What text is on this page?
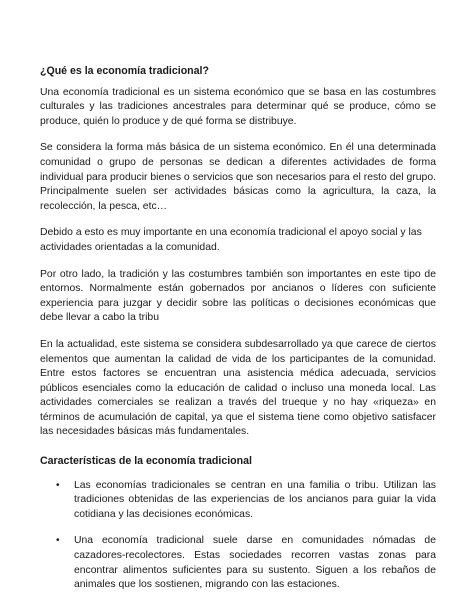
¿Qué es la economía tradicional?

Una economía tradicional es un sistema económico que se basa en las costumbres culturales y las tradiciones ancestrales para determinar qué se produce, cómo se produce, quién lo produce y de qué forma se distribuye.

Se considera la forma más básica de un sistema económico. En él una determinada comunidad o grupo de personas se dedican a diferentes actividades de forma individual para producir bienes o servicios que son necesarios para el resto del grupo. Principalmente suelen ser actividades básicas como la agricultura, la caza, la recolección, la pesca, etc…

Debido a esto es muy importante en una economía tradicional el apoyo social y las actividades orientadas a la comunidad.

Por otro lado, la tradición y las costumbres también son importantes en este tipo de entornos. Normalmente están gobernados por ancianos o líderes con suficiente experiencia para juzgar y decidir sobre las políticas o decisiones económicas que debe llevar a cabo la tribu

En la actualidad, este sistema se considera subdesarrollado ya que carece de ciertos elementos que aumentan la calidad de vida de los participantes de la comunidad. Entre estos factores se encuentran una asistencia médica adecuada, servicios públicos esenciales como la educación de calidad o incluso una moneda local. Las actividades comerciales se realizan a través del trueque y no hay «riqueza» en términos de acumulación de capital, ya que el sistema tiene como objetivo satisfacer las necesidades básicas más fundamentales.

Características de la economía tradicional
• Las economías tradicionales se centran en una familia o tribu. Utilizan las tradiciones obtenidas de las experiencias de los ancianos para guiar la vida cotidiana y las decisiones económicas.
• Una economía tradicional suele darse en comunidades nómadas de cazadores-recolectores. Estas sociedades recorren vastas zonas para encontrar alimentos suficientes para su sustento. Siguen a los rebaños de animales que los sostienen, migrando con las estaciones.
